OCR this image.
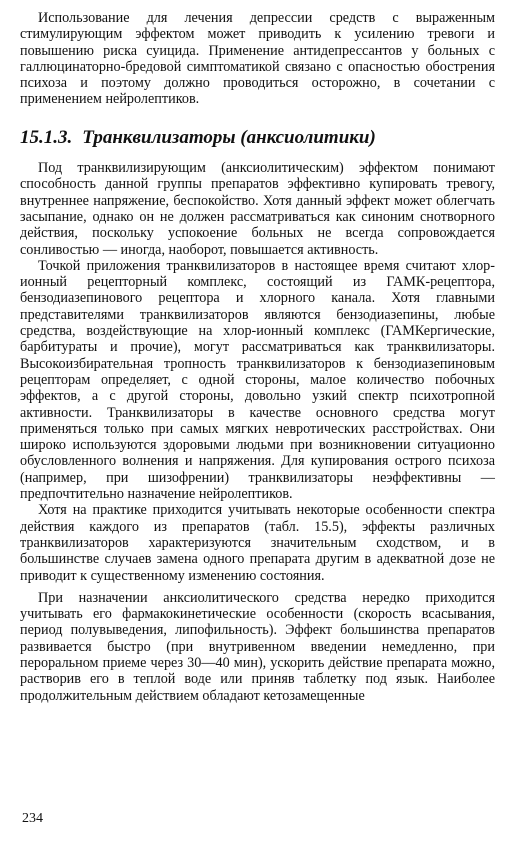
Использование для лечения депрессии средств с выраженным стимулирующим эффектом может приводить к усилению тревоги и повышению риска суицида. Применение антидепрессантов у больных с галлюцинаторно-бредовой симптоматикой связано с опасностью обострения психоза и поэтому должно проводиться осторожно, в сочетании с применением нейролептиков.

15.1.3. Транквилизаторы (анксиолитики)

Под транквилизирующим (анксиолитическим) эффектом понимают способность данной группы препаратов эффективно купировать тревогу, внутреннее напряжение, беспокойство. Хотя данный эффект может облегчать засыпание, однако он не должен рассматриваться как синоним снотворного действия, поскольку успокоение больных не всегда сопровождается сонливостью — иногда, наоборот, повышается активность.

Точкой приложения транквилизаторов в настоящее время считают хлор-ионный рецепторный комплекс, состоящий из ГАМК-рецептора, бензодиазепинового рецептора и хлорного канала. Хотя главными представителями транквилизаторов являются бензодиазепины, любые средства, воздействующие на хлор-ионный комплекс (ГАМКергические, барбитураты и прочие), могут рассматриваться как транквилизаторы. Высокоизбирательная тропность транквилизаторов к бензодиазепиновым рецепторам определяет, с одной стороны, малое количество побочных эффектов, а с другой стороны, довольно узкий спектр психотропной активности. Транквилизаторы в качестве основного средства могут применяться только при самых мягких невротических расстройствах. Они широко используются здоровыми людьми при возникновении ситуационно обусловленного волнения и напряжения. Для купирования острого психоза (например, при шизофрении) транквилизаторы неэффективны — предпочтительно назначение нейролептиков.

Хотя на практике приходится учитывать некоторые особенности спектра действия каждого из препаратов (табл. 15.5), эффекты различных транквилизаторов характеризуются значительным сходством, и в большинстве случаев замена одного препарата другим в адекватной дозе не приводит к существенному изменению состояния.

При назначении анксиолитического средства нередко приходится учитывать его фармакокинетические особенности (скорость всасывания, период полувыведения, липофильность). Эффект большинства препаратов развивается быстро (при внутривенном введении немедленно, при пероральном приеме через 30—40 мин), ускорить действие препарата можно, растворив его в теплой воде или приняв таблетку под язык. Наиболее продолжительным действием обладают кетозамещенные

234
